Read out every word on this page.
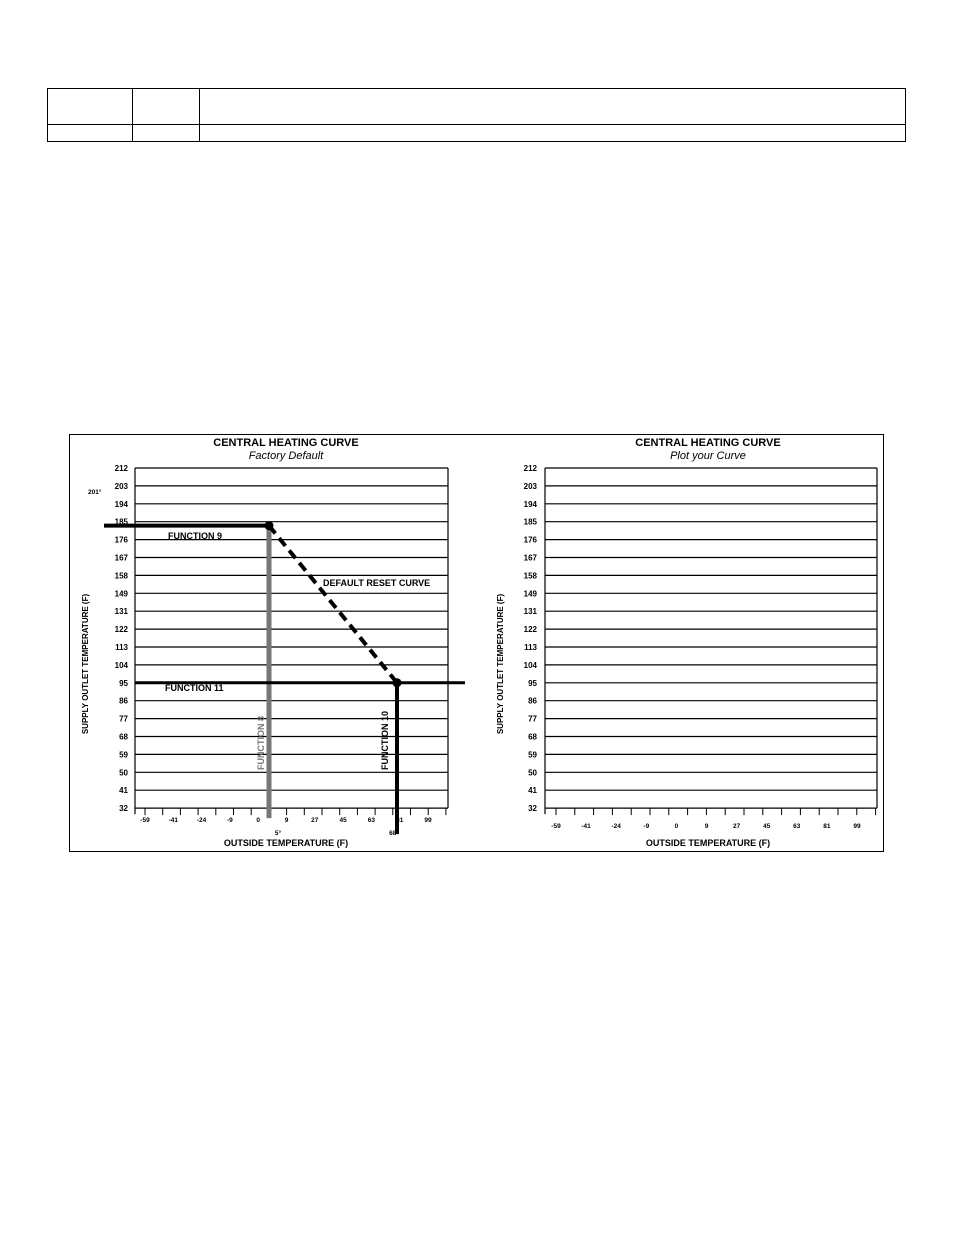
CENTRAL HEATING CURVE
Factory Default
212
203
194
185
176
167
158
149
131
122
113
104
95
86
77
68
59
50
41
32
-59	-41	-24	-9	0	9	27	45	63	81	99
201°
FUNCTION 9
FUNCTION 11
DEFAULT RESET CURVE
FUNCTION 8	FUNCTION 10
5°	68°
SUPPLY OUTLET TEMPERATURE (F)
OUTSIDE TEMPERATURE (F)
CENTRAL HEATING CURVE
Plot your Curve
212
203
194
185
176
167
158
149
131
122
113
104
95
86
77
68
59
50
41
32
-59	-41	-24	-9	0	9	27	45	63	81	99
SUPPLY OUTLET TEMPERATURE (F)
OUTSIDE TEMPERATURE (F)
